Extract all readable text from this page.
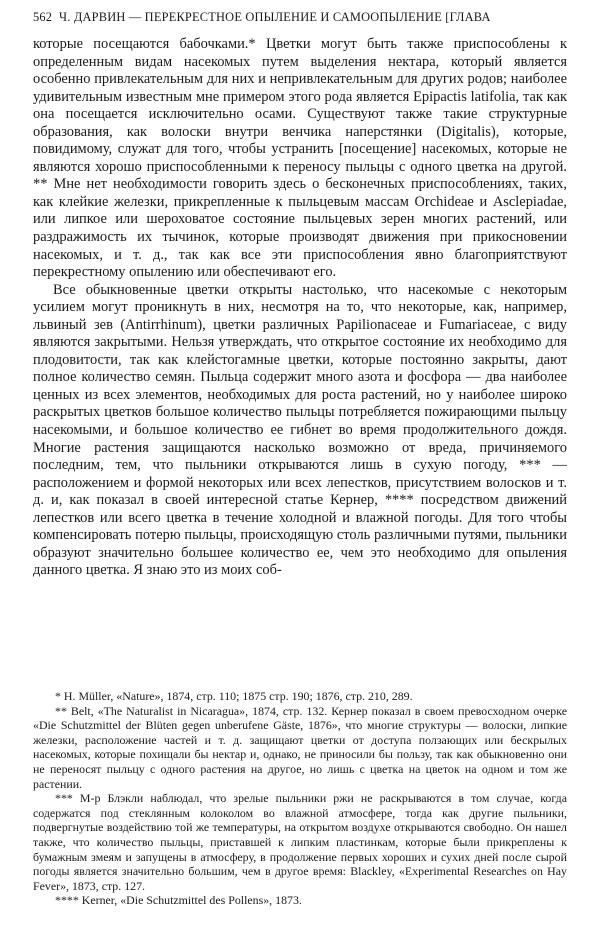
562 Ч. ДАРВИН — ПЕРЕКРЕСТНОЕ ОПЫЛЕНИЕ И САМООПЫЛЕНИЕ [ГЛАВА

которые посещаются бабочками.* Цветки могут быть также приспособлены к определенным видам насекомых путем выделения нектара, который является особенно привлекательным для них и непривлекательным для других родов; наиболее удивительным известным мне примером этого рода является Epipactis latifolia, так как она посещается исключительно осами. Существуют также такие структурные образования, как волоски внутри венчика наперстянки (Digitalis), которые, повидимому, служат для того, чтобы устранить [посещение] насекомых, которые не являются хорошо приспособленными к переносу пыльцы с одного цветка на другой. ** Мне нет необходимости говорить здесь о бесконечных приспособлениях, таких, как клейкие железки, прикрепленные к пыльцевым массам Orchideae и Asclepiadae, или липкое или шероховатое состояние пыльцевых зерен многих растений, или раздражимость их тычинок, которые производят движения при прикосновении насекомых, и т. д., так как все эти приспособления явно благоприятствуют перекрестному опылению или обеспечивают его.

Все обыкновенные цветки открыты настолько, что насекомые с некоторым усилием могут проникнуть в них, несмотря на то, что некоторые, как, например, львиный зев (Antirrhinum), цветки различных Papilionaceae и Fumariaceae, с виду являются закрытыми. Нельзя утверждать, что открытое состояние их необходимо для плодовитости, так как клейстогамные цветки, которые постоянно закрыты, дают полное количество семян. Пыльца содержит много азота и фосфора — два наиболее ценных из всех элементов, необходимых для роста растений, но у наиболее широко раскрытых цветков большое количество пыльцы потребляется пожирающими пыльцу насекомыми, и большое количество ее гибнет во время продолжительного дождя. Многие растения защищаются насколько возможно от вреда, причиняемого последним, тем, что пыльники открываются лишь в сухую погоду, *** — расположением и формой некоторых или всех лепестков, присутствием волосков и т. д. и, как показал в своей интересной статье Кернер, **** посредством движений лепестков или всего цветка в течение холодной и влажной погоды. Для того чтобы компенсировать потерю пыльцы, происходящую столь различными путями, пыльники образуют значительно большее количество ее, чем это необходимо для опыления данного цветка. Я знаю это из моих соб-

* H. Müller, «Nature», 1874, стр. 110; 1875 стр. 190; 1876, стр. 210, 289.

** Belt, «The Naturalist in Nicaragua», 1874, стр. 132. Кернер показал в своем превосходном очерке «Die Schutzmittel der Blüten gegen unberufene Gäste, 1876», что многие структуры — волоски, липкие железки, расположение частей и т. д. защищают цветки от доступа ползающих или бескрылых насекомых, которые похищали бы нектар и, однако, не приносили бы пользу, так как обыкновенно они не переносят пыльцу с одного растения на другое, но лишь с цветка на цветок на одном и том же растении.

*** М-р Блэкли наблюдал, что зрелые пыльники ржи не раскрываются в том случае, когда содержатся под стеклянным колоколом во влажной атмосфере, тогда как другие пыльники, подвергнутые воздействию той же температуры, на открытом воздухе открываются свободно. Он нашел также, что количество пыльцы, приставшей к липким пластинкам, которые были прикреплены к бумажным змеям и запущены в атмосферу, в продолжение первых хороших и сухих дней после сырой погоды является значительно большим, чем в другое время: Blackley, «Experimental Researches on Hay Fever», 1873, стр. 127.

**** Kerner, «Die Schutzmittel des Pollens», 1873.
